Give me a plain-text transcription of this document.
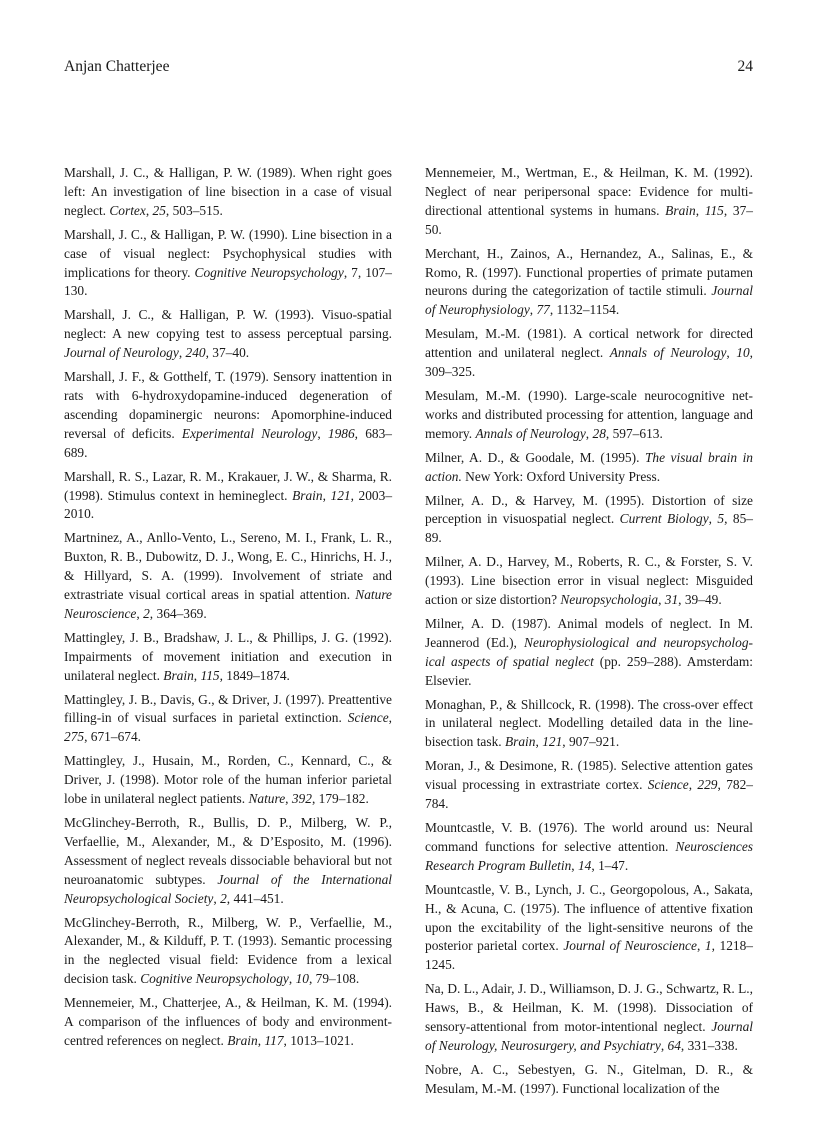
Anjan Chatterjee	24

Marshall, J. C., & Halligan, P. W. (1989). When right goes left: An investigation of line bisection in a case of visual neglect. Cortex, 25, 503–515.

Marshall, J. C., & Halligan, P. W. (1990). Line bisection in a case of visual neglect: Psychophysical studies with implications for theory. Cognitive Neuropsychology, 7, 107–130.

Marshall, J. C., & Halligan, P. W. (1993). Visuo-spatial neglect: A new copying test to assess perceptual parsing. Journal of Neurology, 240, 37–40.

Marshall, J. F., & Gotthelf, T. (1979). Sensory inattention in rats with 6-hydroxydopamine-induced degeneration of ascending dopaminergic neurons: Apomorphine-induced reversal of deficits. Experimental Neurology, 1986, 683–689.

Marshall, R. S., Lazar, R. M., Krakauer, J. W., & Sharma, R. (1998). Stimulus context in hemineglect. Brain, 121, 2003–2010.

Martninez, A., Anllo-Vento, L., Sereno, M. I., Frank, L. R., Buxton, R. B., Dubowitz, D. J., Wong, E. C., Hinrichs, H. J., & Hillyard, S. A. (1999). Involvement of striate and extrastriate visual cortical areas in spatial attention. Nature Neuroscience, 2, 364–369.

Mattingley, J. B., Bradshaw, J. L., & Phillips, J. G. (1992). Impairments of movement initiation and execution in unilateral neglect. Brain, 115, 1849–1874.

Mattingley, J. B., Davis, G., & Driver, J. (1997). Preattentive filling-in of visual surfaces in parietal extinction. Science, 275, 671–674.

Mattingley, J., Husain, M., Rorden, C., Kennard, C., & Driver, J. (1998). Motor role of the human inferior parietal lobe in unilateral neglect patients. Nature, 392, 179–182.

McGlinchey-Berroth, R., Bullis, D. P., Milberg, W. P., Verfaellie, M., Alexander, M., & D’Esposito, M. (1996). Assessment of neglect reveals dissociable behavioral but not neuroanatomic subtypes. Journal of the International Neuropsychological Society, 2, 441–451.

McGlinchey-Berroth, R., Milberg, W. P., Verfaellie, M., Alexander, M., & Kilduff, P. T. (1993). Semantic processing in the neglected visual field: Evidence from a lexical decision task. Cognitive Neuropsychology, 10, 79–108.

Mennemeier, M., Chatterjee, A., & Heilman, K. M. (1994). A comparison of the influences of body and environment-centred references on neglect. Brain, 117, 1013–1021.

Mennemeier, M., Wertman, E., & Heilman, K. M. (1992). Neglect of near peripersonal space: Evidence for multidirectional attentional systems in humans. Brain, 115, 37–50.

Merchant, H., Zainos, A., Hernandez, A., Salinas, E., & Romo, R. (1997). Functional properties of primate putamen neurons during the categorization of tactile stimuli. Journal of Neurophysiology, 77, 1132–1154.

Mesulam, M.-M. (1981). A cortical network for directed attention and unilateral neglect. Annals of Neurology, 10, 309–325.

Mesulam, M.-M. (1990). Large-scale neurocognitive networks and distributed processing for attention, language and memory. Annals of Neurology, 28, 597–613.

Milner, A. D., & Goodale, M. (1995). The visual brain in action. New York: Oxford University Press.

Milner, A. D., & Harvey, M. (1995). Distortion of size perception in visuospatial neglect. Current Biology, 5, 85–89.

Milner, A. D., Harvey, M., Roberts, R. C., & Forster, S. V. (1993). Line bisection error in visual neglect: Misguided action or size distortion? Neuropsychologia, 31, 39–49.

Milner, A. D. (1987). Animal models of neglect. In M. Jeannerod (Ed.), Neurophysiological and neuropsychological aspects of spatial neglect (pp. 259–288). Amsterdam: Elsevier.

Monaghan, P., & Shillcock, R. (1998). The cross-over effect in unilateral neglect. Modelling detailed data in the line-bisection task. Brain, 121, 907–921.

Moran, J., & Desimone, R. (1985). Selective attention gates visual processing in extrastriate cortex. Science, 229, 782–784.

Mountcastle, V. B. (1976). The world around us: Neural command functions for selective attention. Neurosciences Research Program Bulletin, 14, 1–47.

Mountcastle, V. B., Lynch, J. C., Georgopolous, A., Sakata, H., & Acuna, C. (1975). The influence of attentive fixation upon the excitability of the light-sensitive neurons of the posterior parietal cortex. Journal of Neuroscience, 1, 1218–1245.

Na, D. L., Adair, J. D., Williamson, D. J. G., Schwartz, R. L., Haws, B., & Heilman, K. M. (1998). Dissociation of sensory-attentional from motor-intentional neglect. Journal of Neurology, Neurosurgery, and Psychiatry, 64, 331–338.

Nobre, A. C., Sebestyen, G. N., Gitelman, D. R., & Mesulam, M.-M. (1997). Functional localization of the
